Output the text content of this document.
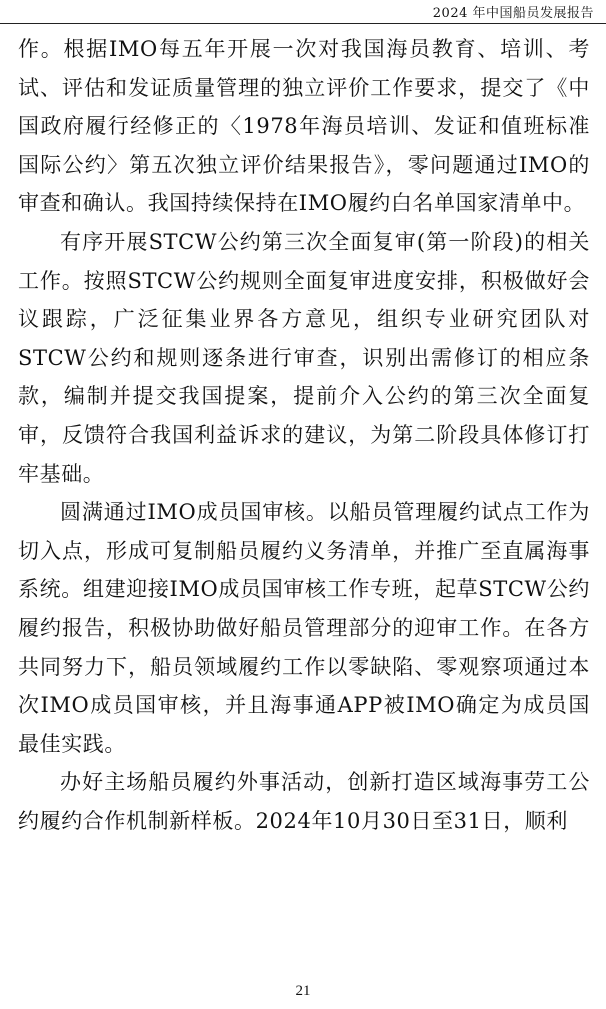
2024 年中国船员发展报告

作。根据IMO每五年开展一次对我国海员教育、培训、考试、评估和发证质量管理的独立评价工作要求，提交了《中国政府履行经修正的〈1978年海员培训、发证和值班标准国际公约〉第五次独立评价结果报告》，零问题通过IMO的审查和确认。我国持续保持在IMO履约白名单国家清单中。

有序开展STCW公约第三次全面复审(第一阶段)的相关工作。按照STCW公约规则全面复审进度安排，积极做好会议跟踪，广泛征集业界各方意见，组织专业研究团队对STCW公约和规则逐条进行审查，识别出需修订的相应条款，编制并提交我国提案，提前介入公约的第三次全面复审，反馈符合我国利益诉求的建议，为第二阶段具体修订打牢基础。

圆满通过IMO成员国审核。以船员管理履约试点工作为切入点，形成可复制船员履约义务清单，并推广至直属海事系统。组建迎接IMO成员国审核工作专班，起草STCW公约履约报告，积极协助做好船员管理部分的迎审工作。在各方共同努力下，船员领域履约工作以零缺陷、零观察项通过本次IMO成员国审核，并且海事通APP被IMO确定为成员国最佳实践。

办好主场船员履约外事活动，创新打造区域海事劳工公约履约合作机制新样板。2024年10月30日至31日，顺利

21
